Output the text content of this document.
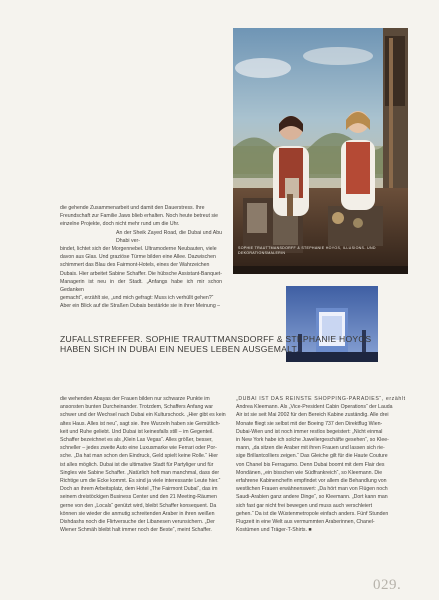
die gehende Zusammenarbeit und damit den Dauerstress. Ihre
Freundschaft zur Familie Jaws blieb erhalten. Noch heute betreut sie
einzelne Projekte, doch nicht mehr rund um die Uhr.
An der Sheik Zayed Road, die Dubai und Abu Dhabi ver-
bindet, lichtet sich der Morgennebel. Ultramoderne Neubauten, viele
davon aus Glas. Und graziöse Türme bilden eine Allee. Dazwischen
schimmert das Blau des Fairmont-Hotels, eines der Wahrzeichen
Dubais. Hier arbeitet Sabine Schaffer. Die hübsche Assistant-Banquet-
Managerin ist neu in der Stadt. „Anfangs habe ich mir schon Gedanken
gemacht“, erzählt sie, „und mich gefragt: Muss ich verhüllt gehen?“
Aber ein Blick auf die Straßen Dubais bestärkte sie in ihrer Meinung –
SOPHIE TRAUTTMANSDORFF & STEPHANIE HOYOS, ILLUSIONS- UND DEKORATIONSMALERIN
ZUFALLSTREFFER. SOPHIE TRAUTTMANSDORFF & STEPHANIE HOYOS HABEN SICH IN DUBAI EIN NEUES LEBEN AUSGEMALT.
die wehenden Abayas der Frauen bilden nur schwarze Punkte im
ansonsten bunten Durcheinander. Trotzdem, Schaffers Anfang war
schwer und der Wechsel nach Dubai ein Kulturschock. „Hier gibt es kein
altes Haus. Alles ist neu“, sagt sie. Ihre Wurzeln haben sie Gemütlich-
keit und Ruhe geliebt. Und Dubai ist keinesfalls still – im Gegenteil.
Schaffer bezeichnet es als „Klein Las Vegas“. Alles größer, besser,
schneller – jedes zweite Auto eine Luxusmarke wie Ferrari oder Por-
sche. „Da hat man schon den Eindruck, Geld spielt keine Rolle.“ Hier
ist alles möglich. Dubai ist die ultimative Stadt für Partyliger und für
Singles wie Sabine Schaffer. „Natürlich hoft man manchmal, dass der
Richtige um die Ecke kommt. Es sind ja viele interessante Leute hier.“
Doch an ihrem Arbeitsplatz, dem Hotel „The Fairmont Dubai“, das im
seinem dreistöckigen Business Center und den 21 Meeting-Räumen
gerne von den „Locals“ genützt wird, bleibt Schaffer konsequent. Da
können sie wieder die anmutig schreitenden Araber in ihren weißen
Dishdashs noch die Flirtversuche der Libanesen verunsichern. „Der
Wiener Schmäh bleibt halt immer noch der Beste“, meint Schaffer.
„DUBAI IST DAS REINSTE SHOPPING-PARADIES“, erzählt
Andrea Kleemann. Als „Vice-President Cabin Operations“ der Lauda
Air ist sie seit Mai 2002 für den Bereich Kabine zuständig. Alle drei
Monate fliegt sie selbst mit der Boeing 737 den Direktflug Wien-
Dubai-Wien und ist noch immer restlos begeistert: „Nicht einmal
in New York habe ich solche Juweliergeschäfte gesehen“, so Klee-
mann, „da sitzen die Araber mit ihren Frauen und lassen sich rie-
sige Brillantcolliers zeigen.“ Das Gleiche gilt für die Haute Couture
von Chanel bis Ferragamo. Denn Dubai boomt mit dem Flair des
Mondänen, „ein bisschen wie Südfrankreich“, so Kleemann. Die
erfahrene Kabinenchefin empfindet vor allem die Behandlung von
westlichen Frauen erwähnenswert: „Da hört man von Flügen noch
Saudi-Arabien ganz andere Dinge“, so Kleemann. „Dort kann man
sich fast gar nicht frei bewegen und muss auch verschleiert
gehen.“ Da ist die Wüstenmetropole einfach anders. Fünf Stunden
Flugzeit in eine Welt aus vermummten Araberinnen, Chanel-
Kostümen und Träger-T-Shirts. ■
029.
